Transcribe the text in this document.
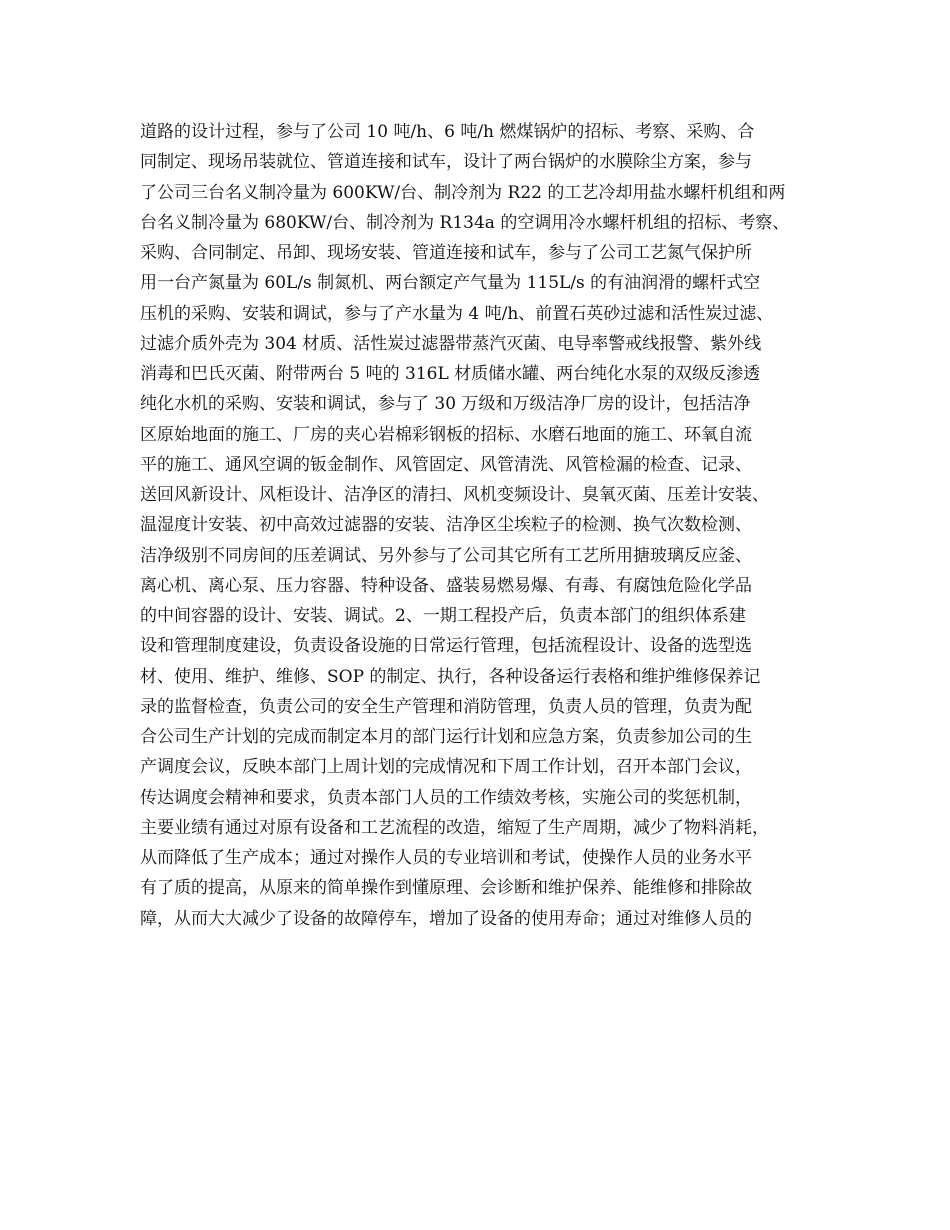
道路的设计过程，参与了公司 10 吨/h、6 吨/h 燃煤锅炉的招标、考察、采购、合
同制定、现场吊装就位、管道连接和试车，设计了两台锅炉的水膜除尘方案，参与
了公司三台名义制冷量为 600KW/台、制冷剂为 R22 的工艺冷却用盐水螺杆机组和两
台名义制冷量为 680KW/台、制冷剂为 R134a 的空调用冷水螺杆机组的招标、考察、
采购、合同制定、吊卸、现场安装、管道连接和试车，参与了公司工艺氮气保护所
用一台产氮量为 60L/s 制氮机、两台额定产气量为 115L/s 的有油润滑的螺杆式空
压机的采购、安装和调试，参与了产水量为 4 吨/h、前置石英砂过滤和活性炭过滤、
过滤介质外壳为 304 材质、活性炭过滤器带蒸汽灭菌、电导率警戒线报警、紫外线
消毒和巴氏灭菌、附带两台 5 吨的 316L 材质储水罐、两台纯化水泵的双级反渗透
纯化水机的采购、安装和调试，参与了 30 万级和万级洁净厂房的设计，包括洁净
区原始地面的施工、厂房的夹心岩棉彩钢板的招标、水磨石地面的施工、环氧自流
平的施工、通风空调的钣金制作、风管固定、风管清洗、风管检漏的检查、记录、
送回风新设计、风柜设计、洁净区的清扫、风机变频设计、臭氧灭菌、压差计安装、
温湿度计安装、初中高效过滤器的安装、洁净区尘埃粒子的检测、换气次数检测、
洁净级别不同房间的压差调试、另外参与了公司其它所有工艺所用搪玻璃反应釜、
离心机、离心泵、压力容器、特种设备、盛装易燃易爆、有毒、有腐蚀危险化学品
的中间容器的设计、安装、调试。2、一期工程投产后，负责本部门的组织体系建
设和管理制度建设，负责设备设施的日常运行管理，包括流程设计、设备的选型选
材、使用、维护、维修、SOP 的制定、执行，各种设备运行表格和维护维修保养记
录的监督检查，负责公司的安全生产管理和消防管理，负责人员的管理，负责为配
合公司生产计划的完成而制定本月的部门运行计划和应急方案，负责参加公司的生
产调度会议，反映本部门上周计划的完成情况和下周工作计划，召开本部门会议，
传达调度会精神和要求，负责本部门人员的工作绩效考核，实施公司的奖惩机制，
主要业绩有通过对原有设备和工艺流程的改造，缩短了生产周期，减少了物料消耗，
从而降低了生产成本；通过对操作人员的专业培训和考试，使操作人员的业务水平
有了质的提高，从原来的简单操作到懂原理、会诊断和维护保养、能维修和排除故
障，从而大大减少了设备的故障停车，增加了设备的使用寿命；通过对维修人员的
